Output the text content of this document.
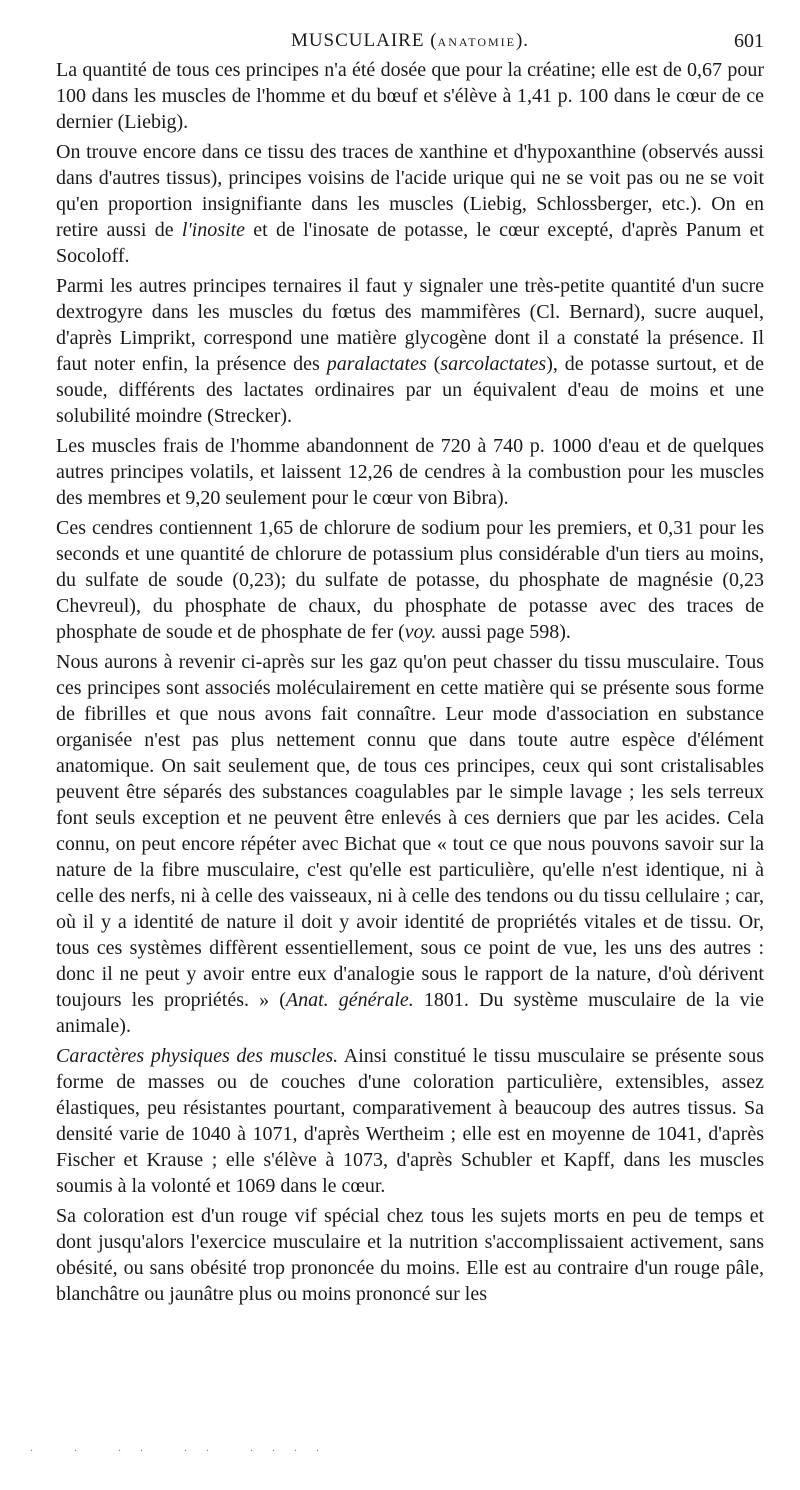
MUSCULAIRE (ANATOMIE).	601

La quantité de tous ces principes n'a été dosée que pour la créatine; elle est de 0,67 pour 100 dans les muscles de l'homme et du bœuf et s'élève à 1,41 p. 100 dans le cœur de ce dernier (Liebig).

On trouve encore dans ce tissu des traces de xanthine et d'hypoxanthine (observés aussi dans d'autres tissus), principes voisins de l'acide urique qui ne se voit pas ou ne se voit qu'en proportion insignifiante dans les muscles (Liebig, Schlossberger, etc.). On en retire aussi de l'inosite et de l'inosate de potasse, le cœur excepté, d'après Panum et Socoloff.

Parmi les autres principes ternaires il faut y signaler une très-petite quantité d'un sucre dextrogyre dans les muscles du fœtus des mammifères (Cl. Bernard), sucre auquel, d'après Limprikt, correspond une matière glycogène dont il a constaté la présence. Il faut noter enfin, la présence des paralactates (sarcolactates), de potasse surtout, et de soude, différents des lactates ordinaires par un équivalent d'eau de moins et une solubilité moindre (Strecker).

Les muscles frais de l'homme abandonnent de 720 à 740 p. 1000 d'eau et de quelques autres principes volatils, et laissent 12,26 de cendres à la combustion pour les muscles des membres et 9,20 seulement pour le cœur von Bibra).

Ces cendres contiennent 1,65 de chlorure de sodium pour les premiers, et 0,31 pour les seconds et une quantité de chlorure de potassium plus considérable d'un tiers au moins, du sulfate de soude (0,23); du sulfate de potasse, du phosphate de magnésie (0,23 Chevreul), du phosphate de chaux, du phosphate de potasse avec des traces de phosphate de soude et de phosphate de fer (voy. aussi page 598).

Nous aurons à revenir ci-après sur les gaz qu'on peut chasser du tissu musculaire. Tous ces principes sont associés moléculairement en cette matière qui se présente sous forme de fibrilles et que nous avons fait connaître. Leur mode d'association en substance organisée n'est pas plus nettement connu que dans toute autre espèce d'élément anatomique. On sait seulement que, de tous ces principes, ceux qui sont cristalisables peuvent être séparés des substances coagulables par le simple lavage ; les sels terreux font seuls exception et ne peuvent être enlevés à ces derniers que par les acides. Cela connu, on peut encore répéter avec Bichat que « tout ce que nous pouvons savoir sur la nature de la fibre musculaire, c'est qu'elle est particulière, qu'elle n'est identique, ni à celle des nerfs, ni à celle des vaisseaux, ni à celle des tendons ou du tissu cellulaire ; car, où il y a identité de nature il doit y avoir identité de propriétés vitales et de tissu. Or, tous ces systèmes diffèrent essentiellement, sous ce point de vue, les uns des autres : donc il ne peut y avoir entre eux d'analogie sous le rapport de la nature, d'où dérivent toujours les propriétés. » (Anat. générale. 1801. Du système musculaire de la vie animale).

Caractères physiques des muscles. Ainsi constitué le tissu musculaire se présente sous forme de masses ou de couches d'une coloration particulière, extensibles, assez élastiques, peu résistantes pourtant, comparativement à beaucoup des autres tissus. Sa densité varie de 1040 à 1071, d'après Wertheim ; elle est en moyenne de 1041, d'après Fischer et Krause ; elle s'élève à 1073, d'après Schubler et Kapff, dans les muscles soumis à la volonté et 1069 dans le cœur.

Sa coloration est d'un rouge vif spécial chez tous les sujets morts en peu de temps et dont jusqu'alors l'exercice musculaire et la nutrition s'accomplissaient activement, sans obésité, ou sans obésité trop prononcée du moins. Elle est au contraire d'un rouge pâle, blanchâtre ou jaunâtre plus ou moins prononcé sur les

.   .   . .   . .   . . . .
